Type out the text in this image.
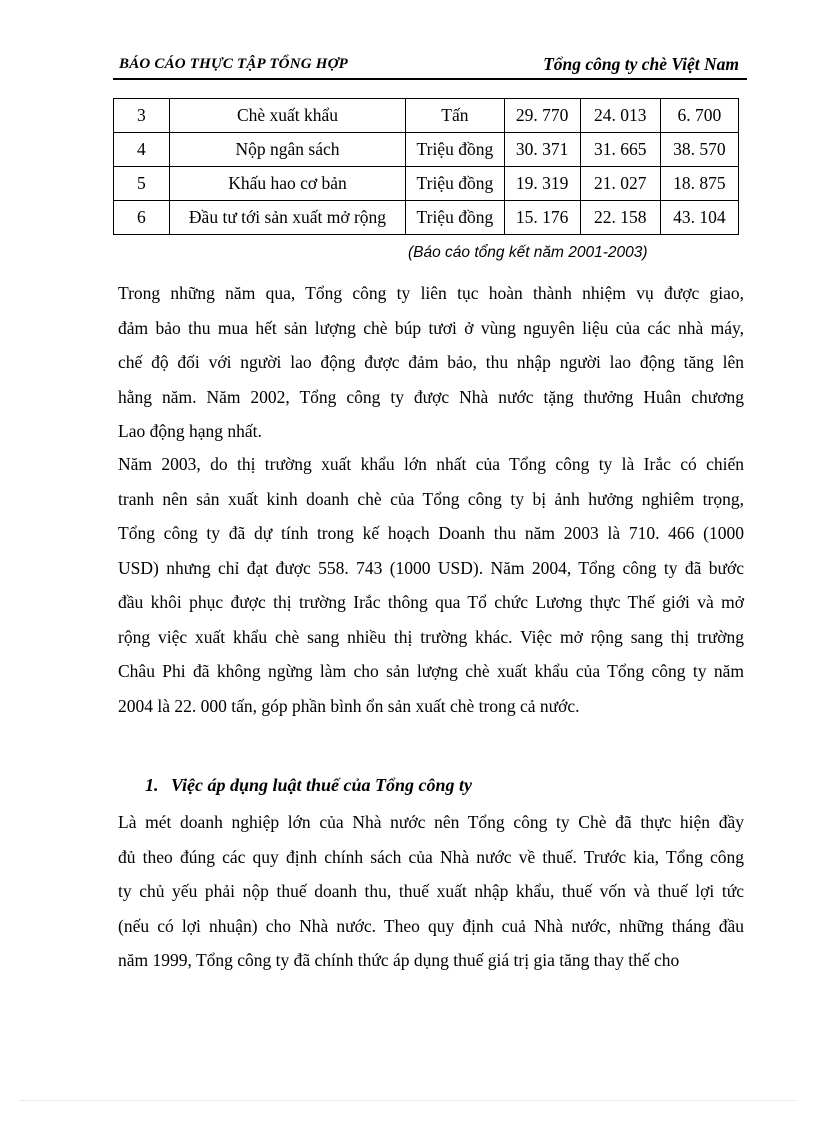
BÁO CÁO THỰC TẬP TỔNG HỢP	Tổng công ty chè Việt Nam
3	Chè xuất khẩu	Tấn	29. 770	24. 013	6. 700
4	Nộp ngân sách	Triệu đồng	30. 371	31. 665	38. 570
5	Khấu hao cơ bản	Triệu đồng	19. 319	21. 027	18. 875
6	Đầu tư tới sản xuất mở rộng	Triệu đồng	15. 176	22. 158	43. 104
(Báo cáo tổng kết năm 2001-2003)
Trong những năm qua, Tổng công ty liên tục hoàn thành nhiệm vụ được giao,
đảm bảo thu mua hết sản lượng chè búp tươi ở vùng nguyên liệu của các nhà máy,
chế độ đối với người lao động được đảm bảo, thu nhập người lao động tăng lên
hằng năm. Năm 2002, Tổng công ty được Nhà nước tặng thưởng Huân chương
Lao động hạng nhất.
Năm 2003, do thị trường xuất khẩu lớn nhất của Tổng công ty là Irắc có chiến
tranh nên sản xuất kinh doanh chè của Tổng công ty bị ảnh hưởng nghiêm trọng,
Tổng công ty đã dự tính trong kế hoạch Doanh thu năm 2003 là 710. 466 (1000
USD) nhưng chỉ đạt được 558. 743 (1000 USD). Năm 2004, Tổng công ty đã bước
đầu khôi phục được thị trường Irắc thông qua Tổ chức Lương thực Thế giới và mở
rộng việc xuất khẩu chè sang nhiều thị trường khác. Việc mở rộng sang thị trường
Châu Phi đã không ngừng làm cho sản lượng chè xuất khẩu của Tổng công ty năm
2004 là 22. 000 tấn, góp phần bình ổn sản xuất chè trong cả nước.
1. Việc áp dụng luật thuế của Tổng công ty
Là mét doanh nghiệp lớn của Nhà nước nên Tổng công ty Chè đã thực hiện đầy
đủ theo đúng các quy định chính sách của Nhà nước về thuế. Trước kia, Tổng công
ty chủ yếu phải nộp thuế doanh thu, thuế xuất nhập khẩu, thuế vốn và thuế lợi tức
(nếu có lợi nhuận) cho Nhà nước. Theo quy định cuả Nhà nước, những tháng đầu
năm 1999, Tổng công ty đã chính thức áp dụng thuế giá trị gia tăng thay thế cho
